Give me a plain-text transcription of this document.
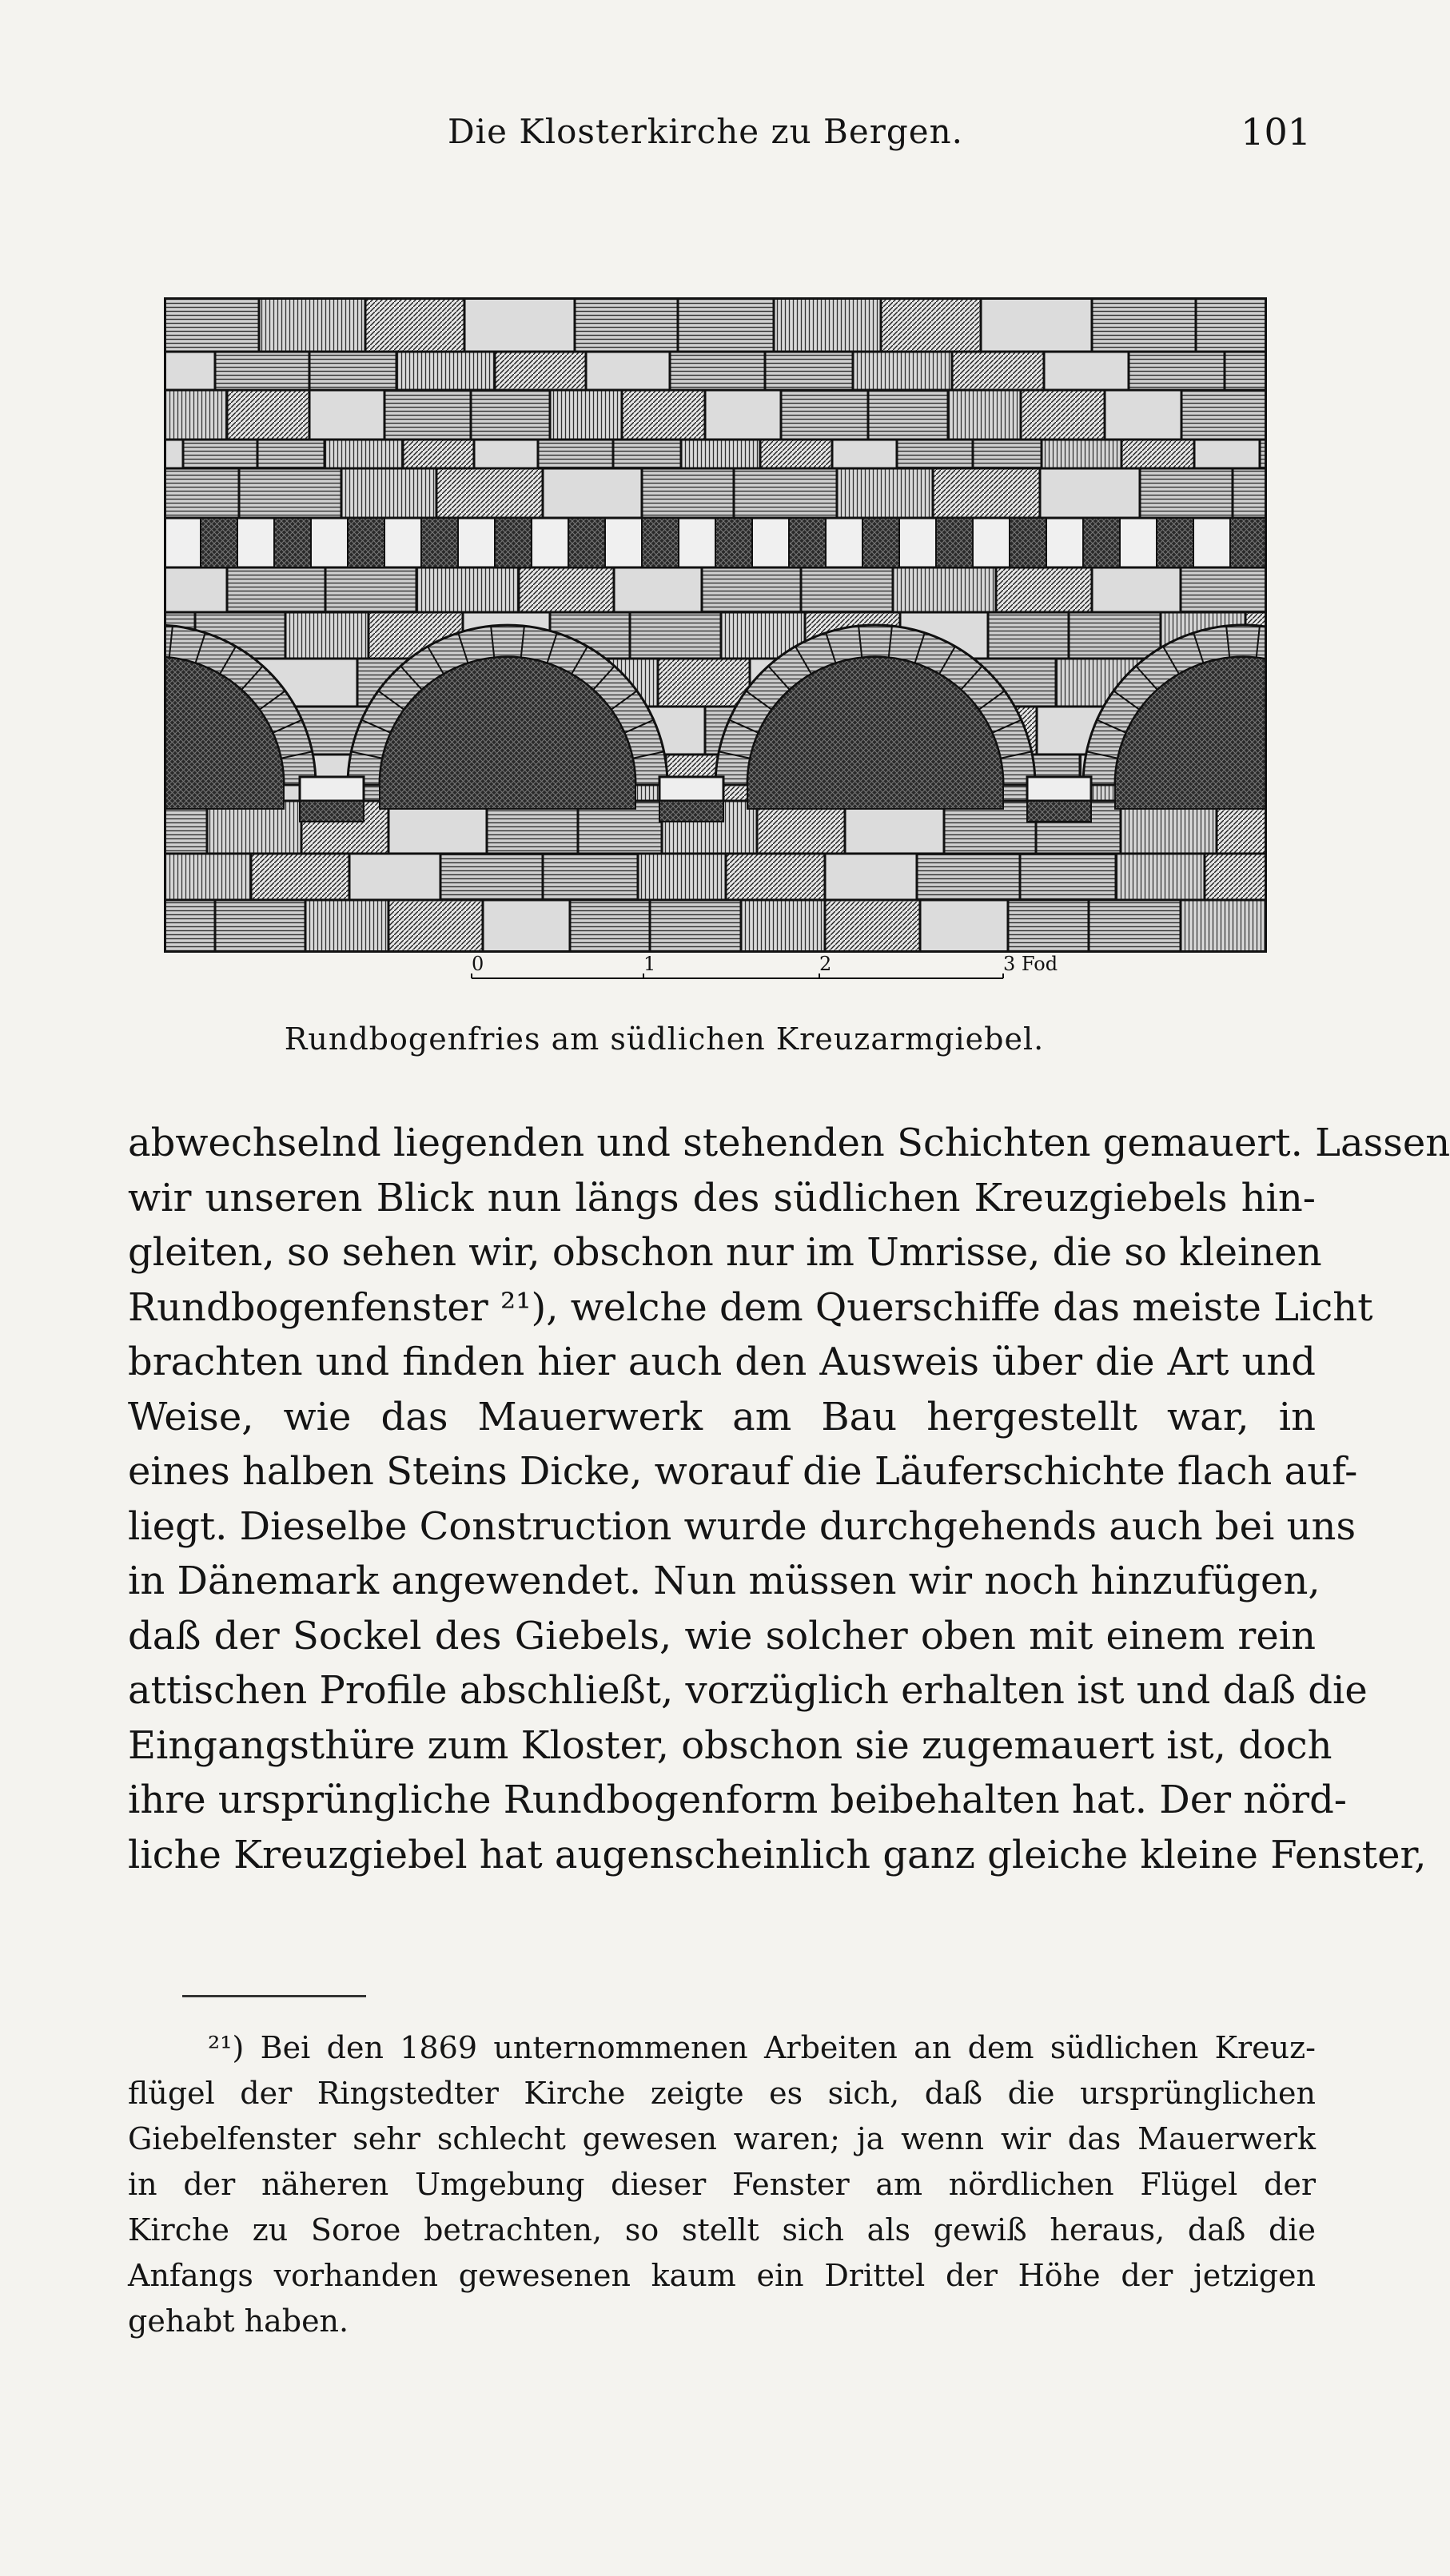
Die Klosterkirche zu Bergen.	101
0	1	2	3 Fod
Rundbogenfries am südlichen Kreuzarmgiebel.
abwechselnd liegenden und stehenden Schichten gemauert. Lassen
wir unseren Blick nun längs des südlichen Kreuzgiebels hin-
gleiten, so sehen wir, obschon nur im Umrisse, die so kleinen
Rundbogenfenster ²¹), welche dem Querschiffe das meiste Licht
brachten und finden hier auch den Ausweis über die Art und
Weise, wie das Mauerwerk am Bau hergestellt war, in
eines halben Steins Dicke, worauf die Läuferschichte flach auf-
liegt. Dieselbe Construction wurde durchgehends auch bei uns
in Dänemark angewendet. Nun müssen wir noch hinzufügen,
daß der Sockel des Giebels, wie solcher oben mit einem rein
attischen Profile abschließt, vorzüglich erhalten ist und daß die
Eingangsthüre zum Kloster, obschon sie zugemauert ist, doch
ihre ursprüngliche Rundbogenform beibehalten hat. Der nörd-
liche Kreuzgiebel hat augenscheinlich ganz gleiche kleine Fenster,
²¹) Bei den 1869 unternommenen Arbeiten an dem südlichen Kreuz-
flügel der Ringstedter Kirche zeigte es sich, daß die ursprünglichen
Giebelfenster sehr schlecht gewesen waren; ja wenn wir das Mauerwerk
in der näheren Umgebung dieser Fenster am nördlichen Flügel der
Kirche zu Soroe betrachten, so stellt sich als gewiß heraus, daß die
Anfangs vorhanden gewesenen kaum ein Drittel der Höhe der jetzigen
gehabt haben.
